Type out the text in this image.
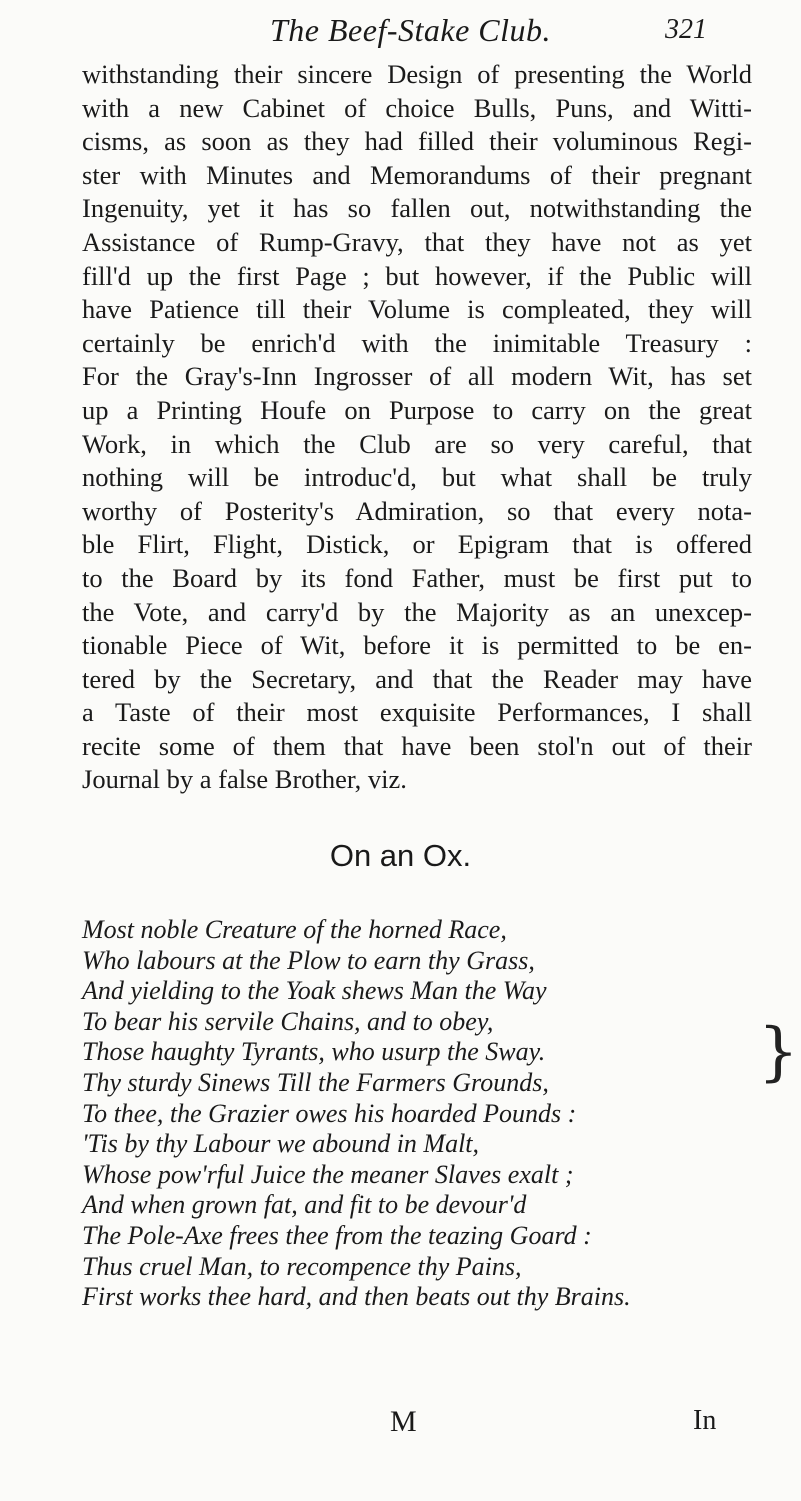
The Beef-Stake Club.	321
withstanding their sincere Design of presenting the World
with a new Cabinet of choice Bulls, Puns, and Witti-
cisms, as soon as they had filled their voluminous Regi-
ster with Minutes and Memorandums of their pregnant
Ingenuity, yet it has so fallen out, notwithstanding the
Assistance of Rump-Gravy, that they have not as yet
fill'd up the first Page ; but however, if the Public will
have Patience till their Volume is compleated, they will
certainly be enrich'd with the inimitable Treasury :
For the Gray's-Inn Ingrosser of all modern Wit, has set
up a Printing Houfe on Purpose to carry on the great
Work, in which the Club are so very careful, that
nothing will be introduc'd, but what shall be truly
worthy of Posterity's Admiration, so that every nota-
ble Flirt, Flight, Distick, or Epigram that is offered
to the Board by its fond Father, must be first put to
the Vote, and carry'd by the Majority as an unexcep-
tionable Piece of Wit, before it is permitted to be en-
tered by the Secretary, and that the Reader may have
a Taste of their most exquisite Performances, I shall
recite some of them that have been stol'n out of their
Journal by a false Brother, viz.
On an Ox.
Most noble Creature of the horned Race,
Who labours at the Plow to earn thy Grass,
And yielding to the Yoak shews Man the Way
To bear his servile Chains, and to obey,
Those haughty Tyrants, who usurp the Sway.
Thy sturdy Sinews Till the Farmers Grounds,
To thee, the Grazier owes his hoarded Pounds :
'Tis by thy Labour we abound in Malt,
Whose pow'rful Juice the meaner Slaves exalt ;
And when grown fat, and fit to be devour'd
The Pole-Axe frees thee from the teazing Goard :
Thus cruel Man, to recompence thy Pains,
First works thee hard, and then beats out thy Brains.
}
M	In
